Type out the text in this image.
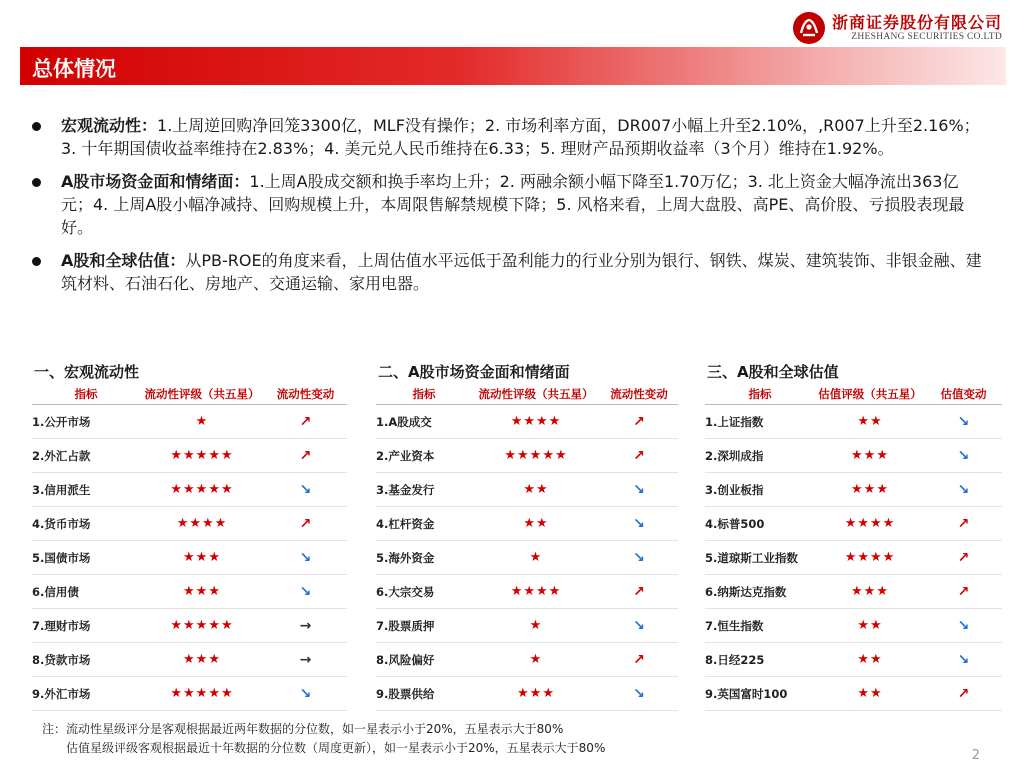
浙商证券股份有限公司
ZHESHANG SECURITIES CO.LTD
总体情况
宏观流动性：1.上周逆回购净回笼3300亿，MLF没有操作；2. 市场利率方面，DR007小幅上升至2.10%，,R007上升至2.16%；3. 十年期国债收益率维持在2.83%；4. 美元兑人民币维持在6.33；5. 理财产品预期收益率（3个月）维持在1.92%。
A股市场资金面和情绪面：1.上周A股成交额和换手率均上升；2. 两融余额小幅下降至1.70万亿；3. 北上资金大幅净流出363亿元；4. 上周A股小幅净减持、回购规模上升，本周限售解禁规模下降；5. 风格来看，上周大盘股、高PE、高价股、亏损股表现最好。
A股和全球估值：从PB-ROE的角度来看，上周估值水平远低于盈利能力的行业分别为银行、钢铁、煤炭、建筑装饰、非银金融、建筑材料、石油石化、房地产、交通运输、家用电器。
一、宏观流动性
指标	流动性评级（共五星）	流动性变动
1.公开市场	★	↗
2.外汇占款	★★★★★	↗
3.信用派生	★★★★★	↘
4.货币市场	★★★★	↗
5.国债市场	★★★	↘
6.信用债	★★★	↘
7.理财市场	★★★★★	→
8.贷款市场	★★★	→
9.外汇市场	★★★★★	↘
二、A股市场资金面和情绪面
指标	流动性评级（共五星）	流动性变动
1.A股成交	★★★★	↗
2.产业资本	★★★★★	↗
3.基金发行	★★	↘
4.杠杆资金	★★	↘
5.海外资金	★	↘
6.大宗交易	★★★★	↗
7.股票质押	★	↘
8.风险偏好	★	↗
9.股票供给	★★★	↘
三、A股和全球估值
指标	估值评级（共五星）	估值变动
1.上证指数	★★	↘
2.深圳成指	★★★	↘
3.创业板指	★★★	↘
4.标普500	★★★★	↗
5.道琼斯工业指数	★★★★	↗
6.纳斯达克指数	★★★	↗
7.恒生指数	★★	↘
8.日经225	★★	↘
9.英国富时100	★★	↗
注：流动性星级评分是客观根据最近两年数据的分位数，如一星表示小于20%，五星表示大于80%
估值星级评级客观根据最近十年数据的分位数（周度更新），如一星表示小于20%，五星表示大于80%	2
